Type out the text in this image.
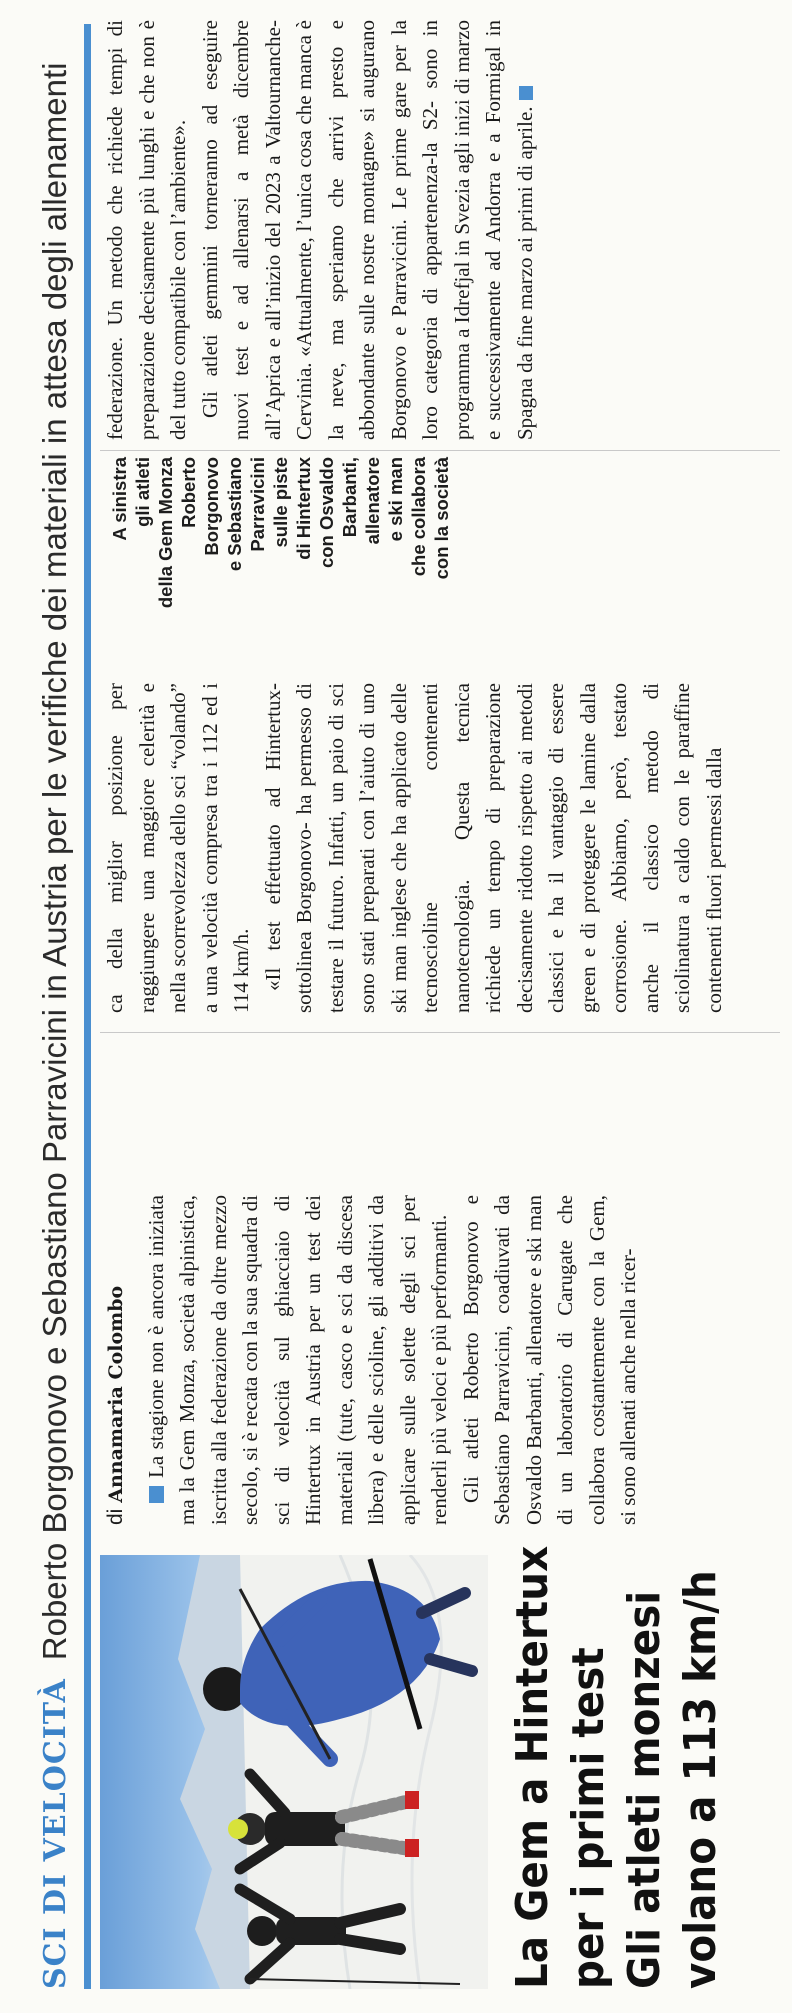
SCI DI VELOCITÀ
Roberto Borgonovo e Sebastiano Parravicini in Austria per le verifiche dei materiali in attesa degli allenamenti
La Gem a Hintertux per i primi test Gli atleti monzesi volano a 113 km/h
di Annamaria Colombo La stagione non è ancora iniziata ma la Gem Monza, società alpinistica, iscritta alla federazione da oltre mezzo secolo, si è recata con la sua squadra di sci di velocità sul ghiacciaio di Hintertux in Austria per un test dei materiali (tute, casco e sci da discesa libera) e delle scioline, gli additivi da applicare sulle solette degli sci per renderli più veloci e più performanti. Gli atleti Roberto Borgonovo e Sebastiano Parravicini, coadiuvati da Osvaldo Barbanti, allenatore e ski man di un laboratorio di Carugate che collabora costantemente con la Gem, si sono allenati anche nella ricer-

ca della miglior posizione per raggiungere una maggiore celerità e nella scorrevolezza dello sci “volando” a una velocità compresa tra i 112 ed i 114 km/h. «Il test effettuato ad Hintertux-sottolinea Borgonovo- ha permesso di testare il futuro. Infatti, un paio di sci sono stati preparati con l’aiuto di uno ski man inglese che ha applicato delle tecnoscioline contenenti nanotecnologia. Questa tecnica richiede un tempo di preparazione decisamente ridotto rispetto ai metodi classici e ha il vantaggio di essere green e di proteggere le lamine dalla corrosione. Abbiamo, però, testato anche il classico metodo di sciolinatura a caldo con le paraffine contenenti fluori permessi dalla

A sinistra gli atleti della Gem Monza Roberto Borgonovo e Sebastiano Parravicini sulle piste di Hintertux con Osvaldo Barbanti, allenatore e ski man che collabora con la società

federazione. Un metodo che richiede tempi di preparazione decisamente più lunghi e che non è del tutto compatibile con l’ambiente». Gli atleti gemmini torneranno ad eseguire nuovi test e ad allenarsi a metà dicembre all’Aprica e all’inizio del 2023 a Valtournanche- Cervinia. «Attualmente, l’unica cosa che manca è la neve, ma speriamo che arrivi presto e abbondante sulle nostre montagne» si augurano Borgonovo e Parravicini. Le prime gare per la loro categoria di appartenenza-la S2- sono in programma a Idrefjal in Svezia agli inizi di marzo e successivamente ad Andorra e a Formigal in Spagna da fine marzo ai primi di aprile.
